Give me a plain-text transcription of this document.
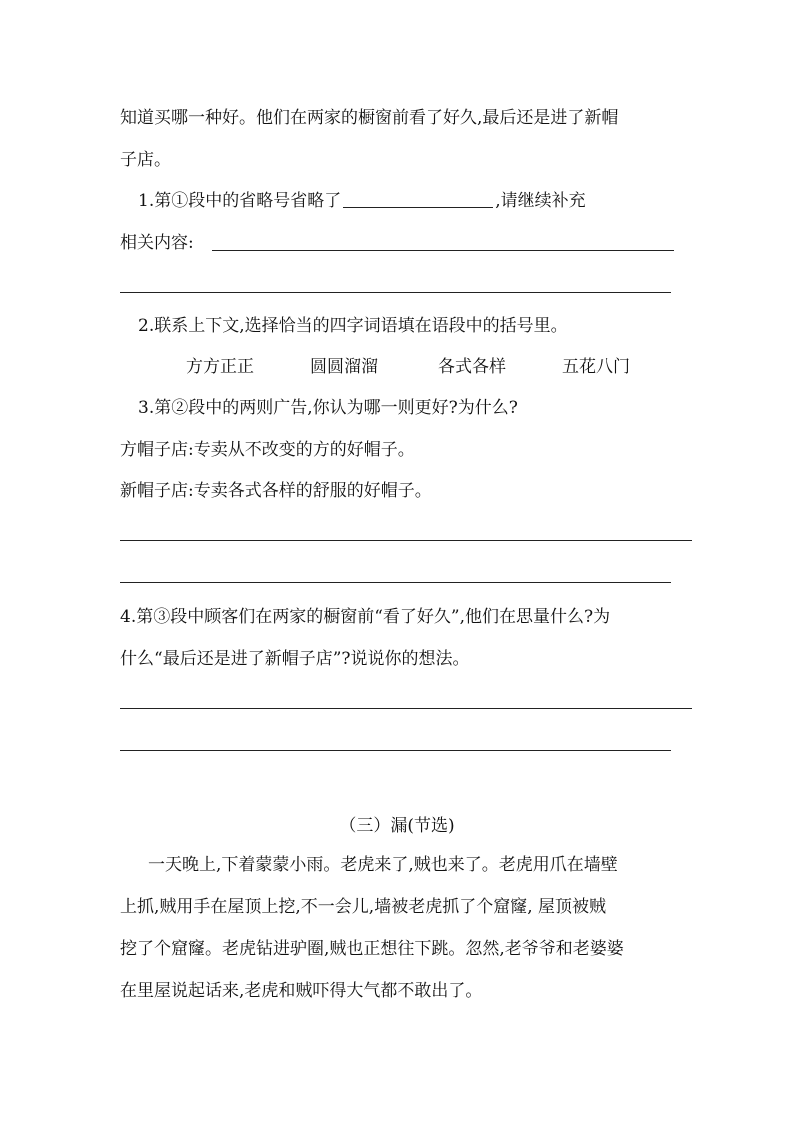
知道买哪一种好。他们在两家的橱窗前看了好久,最后还是进了新帽
子店。
1.第①段中的省略号省略了	,请继续补充
相关内容:
2.联系上下文,选择恰当的四字词语填在语段中的括号里。
方方正正	圆圆溜溜	各式各样	五花八门
3.第②段中的两则广告,你认为哪一则更好?为什么?
方帽子店:专卖从不改变的方的好帽子。
新帽子店:专卖各式各样的舒服的好帽子。
4.第③段中顾客们在两家的橱窗前“看了好久”,他们在思量什么?为
什么“最后还是进了新帽子店”?说说你的想法。
（三）漏(节选)
一天晚上,下着蒙蒙小雨。老虎来了,贼也来了。老虎用爪在墙壁
上抓,贼用手在屋顶上挖,不一会儿,墙被老虎抓了个窟窿, 屋顶被贼
挖了个窟窿。老虎钻进驴圈,贼也正想往下跳。忽然,老爷爷和老婆婆
在里屋说起话来,老虎和贼吓得大气都不敢出了。
